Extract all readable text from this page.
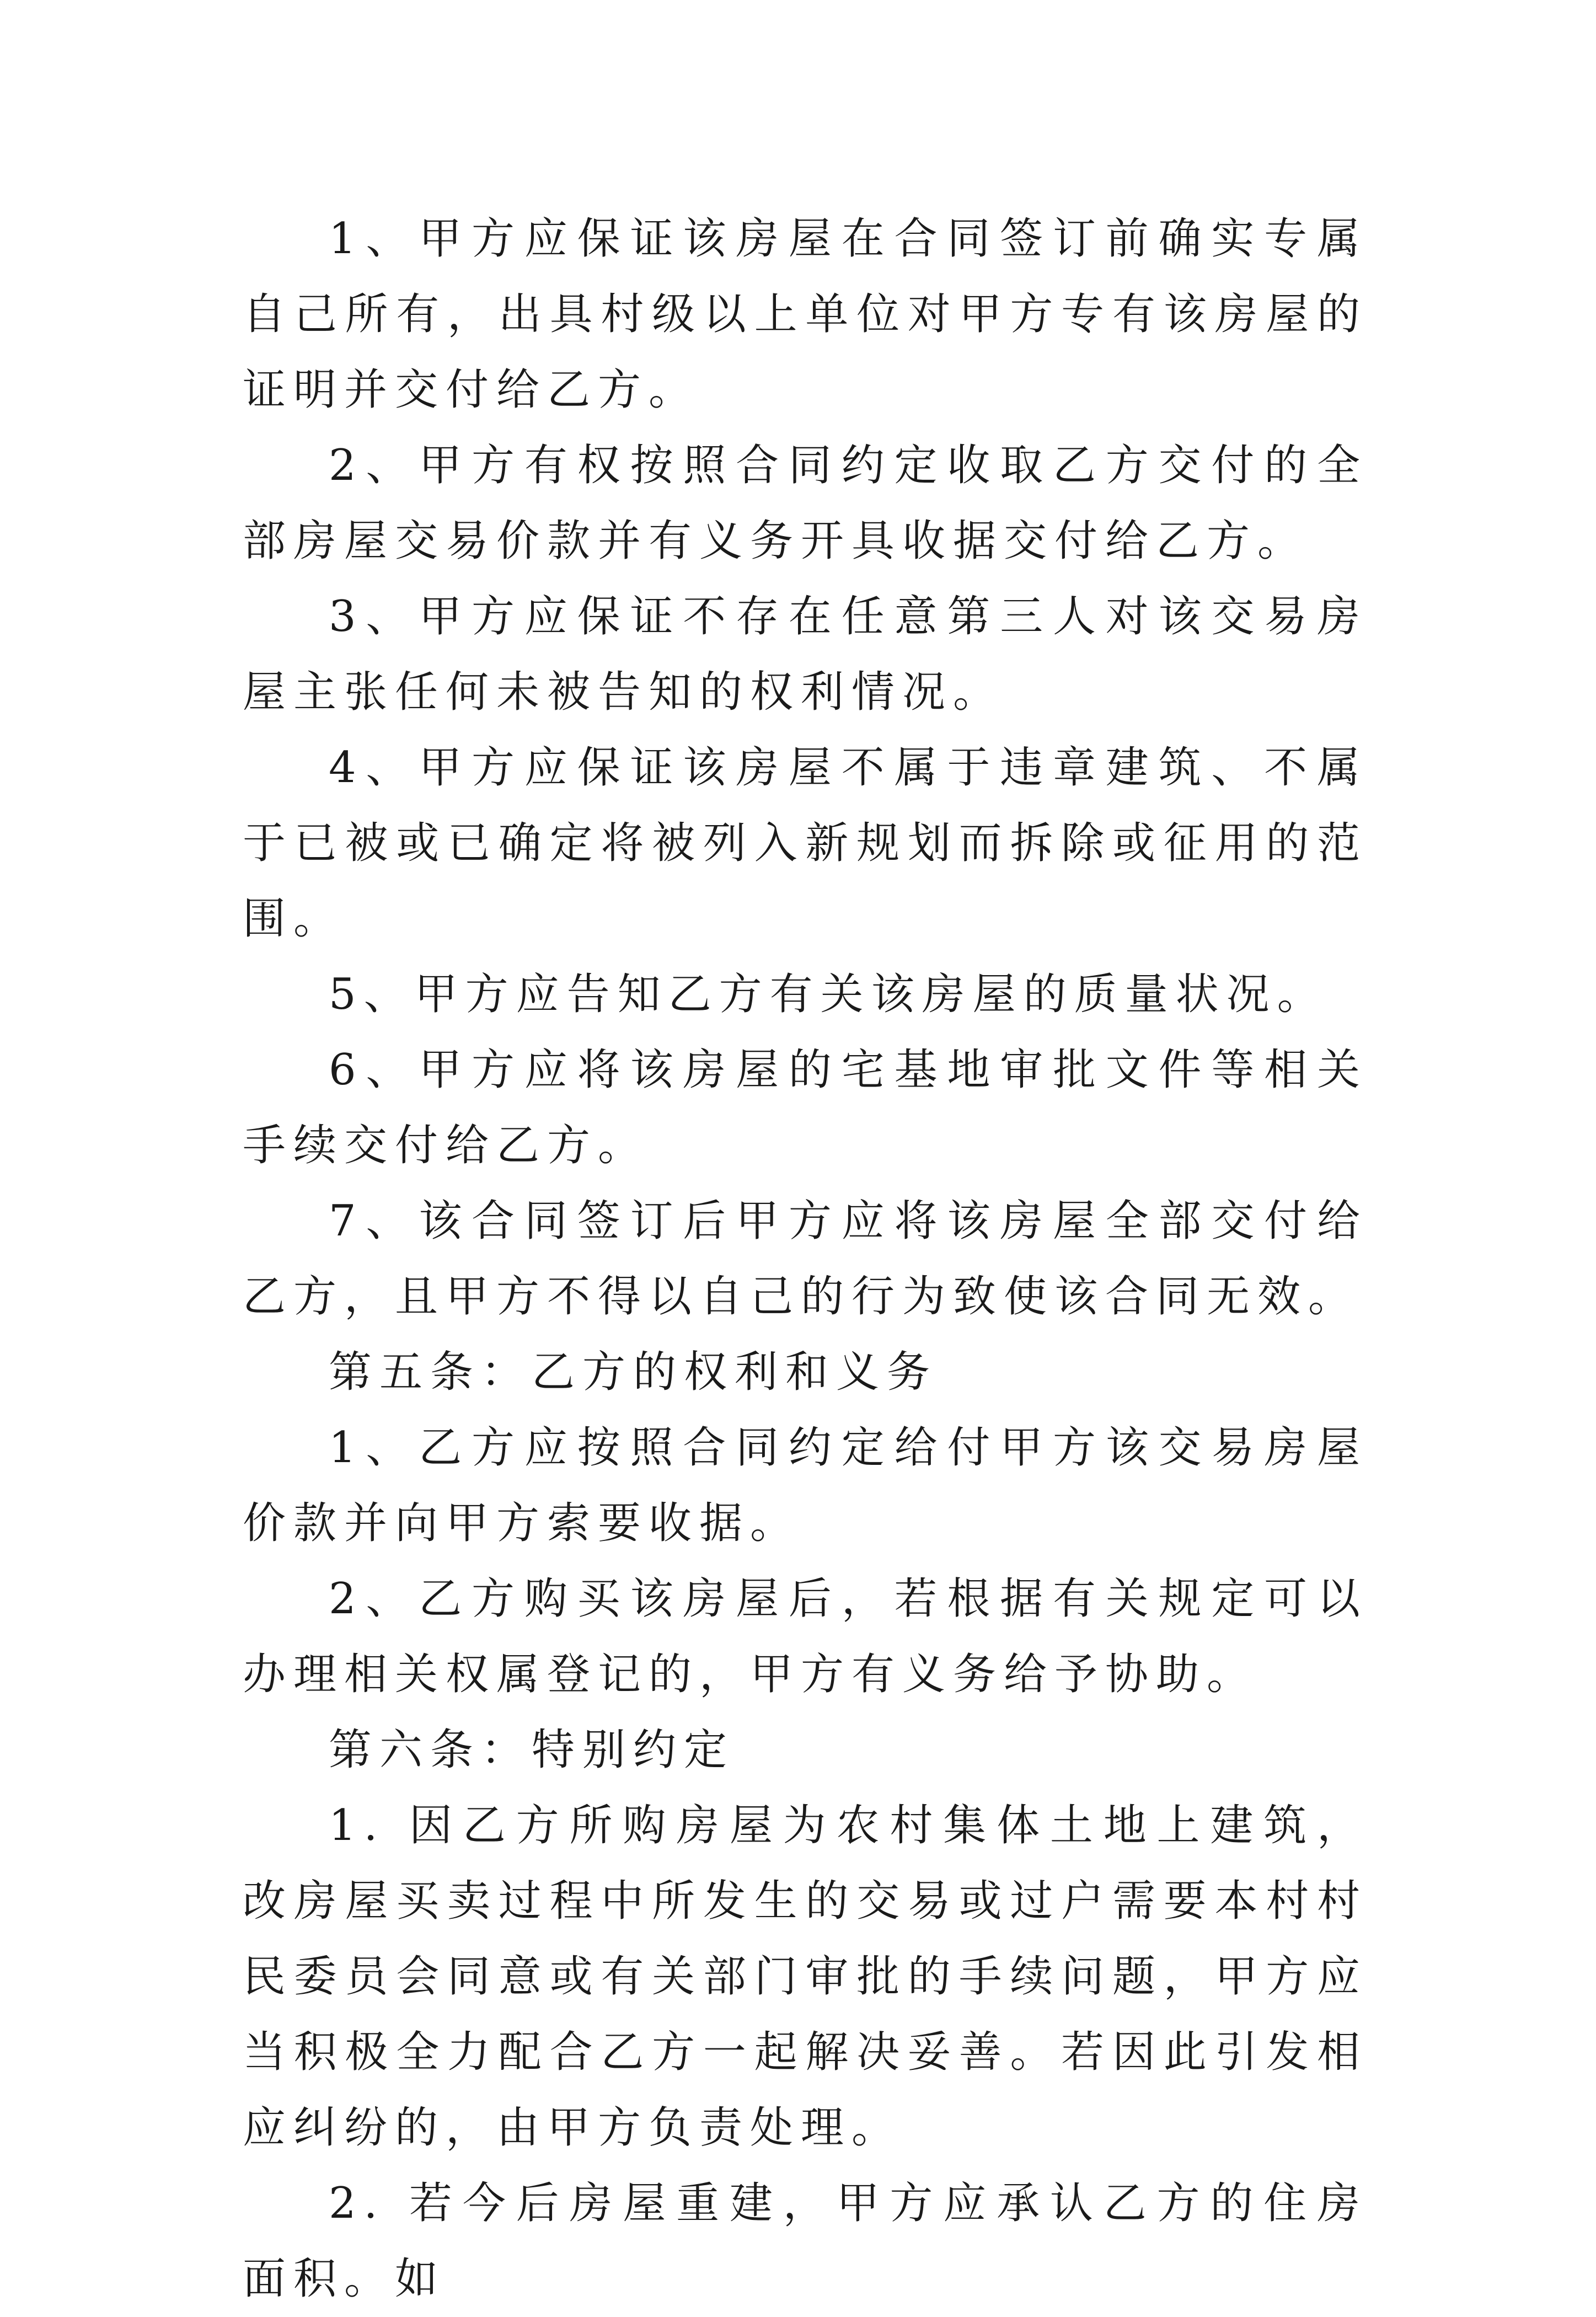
1、甲方应保证该房屋在合同签订前确实专属自己所有，出具村级以上单位对甲方专有该房屋的证明并交付给乙方。

2、甲方有权按照合同约定收取乙方交付的全部房屋交易价款并有义务开具收据交付给乙方。

3、甲方应保证不存在任意第三人对该交易房屋主张任何未被告知的权利情况。

4、甲方应保证该房屋不属于违章建筑、不属于已被或已确定将被列入新规划而拆除或征用的范围。

5、甲方应告知乙方有关该房屋的质量状况。

6、甲方应将该房屋的宅基地审批文件等相关手续交付给乙方。

7、该合同签订后甲方应将该房屋全部交付给乙方，且甲方不得以自己的行为致使该合同无效。

第五条：乙方的权利和义务

1、乙方应按照合同约定给付甲方该交易房屋价款并向甲方索要收据。

2、乙方购买该房屋后，若根据有关规定可以办理相关权属登记的，甲方有义务给予协助。

第六条：特别约定

1. 因乙方所购房屋为农村集体土地上建筑，改房屋买卖过程中所发生的交易或过户需要本村村民委员会同意或有关部门审批的手续问题，甲方应当积极全力配合乙方一起解决妥善。若因此引发相应纠纷的，由甲方负责处理。

2. 若今后房屋重建，甲方应承认乙方的住房面积。如
